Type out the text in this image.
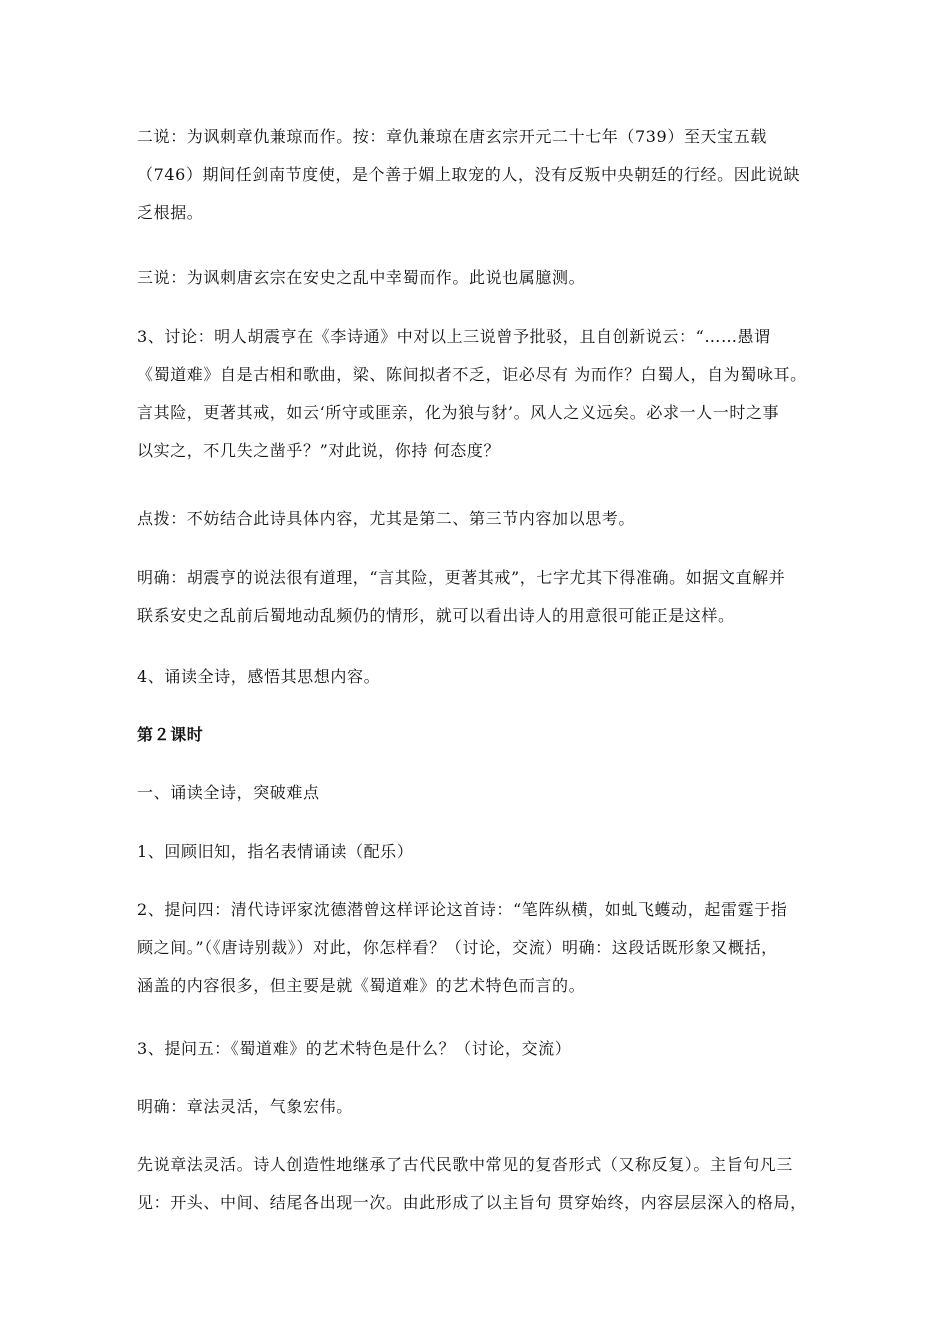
二说：为讽刺章仇兼琼而作。按：章仇兼琼在唐玄宗开元二十七年（739）至天宝五载
（746）期间任剑南节度使，是个善于媚上取宠的人，没有反叛中央朝廷的行经。因此说缺
乏根据。
三说：为讽刺唐玄宗在安史之乱中幸蜀而作。此说也属臆测。
3、讨论：明人胡震亨在《李诗通》中对以上三说曾予批驳，且自创新说云：“……愚谓
《蜀道难》自是古相和歌曲，梁、陈间拟者不乏，讵必尽有 为而作？白蜀人，自为蜀咏耳。
言其险，更著其戒，如云‘所守或匪亲，化为狼与豺’。风人之义远矣。必求一人一时之事
以实之，不几失之凿乎？”对此说，你持 何态度？
点拨：不妨结合此诗具体内容，尤其是第二、第三节内容加以思考。
明确：胡震亨的说法很有道理，“言其险，更著其戒”，七字尤其下得准确。如据文直解并
联系安史之乱前后蜀地动乱频仍的情形，就可以看出诗人的用意很可能正是这样。
4、诵读全诗，感悟其思想内容。
第２课时
一、诵读全诗，突破难点
1、回顾旧知，指名表情诵读（配乐）
2、提问四：清代诗评家沈德潜曾这样评论这首诗：“笔阵纵横，如虬飞蠖动，起雷霆于指
顾之间。”（《唐诗别裁》）对此，你怎样看？（讨论，交流）明确：这段话既形象又概括，
涵盖的内容很多，但主要是就《蜀道难》的艺术特色而言的。
3、提问五：《蜀道难》的艺术特色是什么？（讨论，交流）
明确：章法灵活，气象宏伟。
先说章法灵活。诗人创造性地继承了古代民歌中常见的复沓形式（又称反复）。主旨句凡三
见：开头、中间、结尾各出现一次。由此形成了以主旨句 贯穿始终，内容层层深入的格局，
